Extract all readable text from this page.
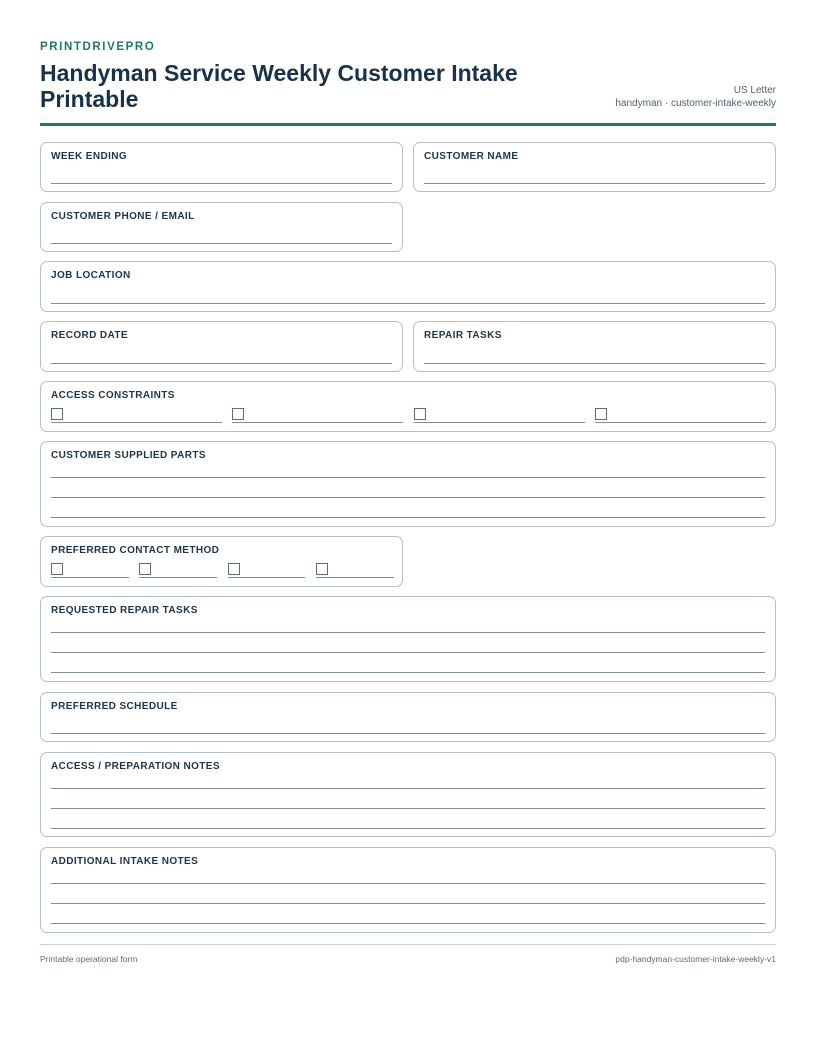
PRINTDRIVEPRO
Handyman Service Weekly Customer Intake Printable	US Letter
handyman · customer-intake-weekly
WEEK ENDING	CUSTOMER NAME
CUSTOMER PHONE / EMAIL
JOB LOCATION
RECORD DATE	REPAIR TASKS
ACCESS CONSTRAINTS
CUSTOMER SUPPLIED PARTS
PREFERRED CONTACT METHOD
REQUESTED REPAIR TASKS
PREFERRED SCHEDULE
ACCESS / PREPARATION NOTES
ADDITIONAL INTAKE NOTES
Printable operational form	pdp-handyman-customer-intake-weekly-v1
